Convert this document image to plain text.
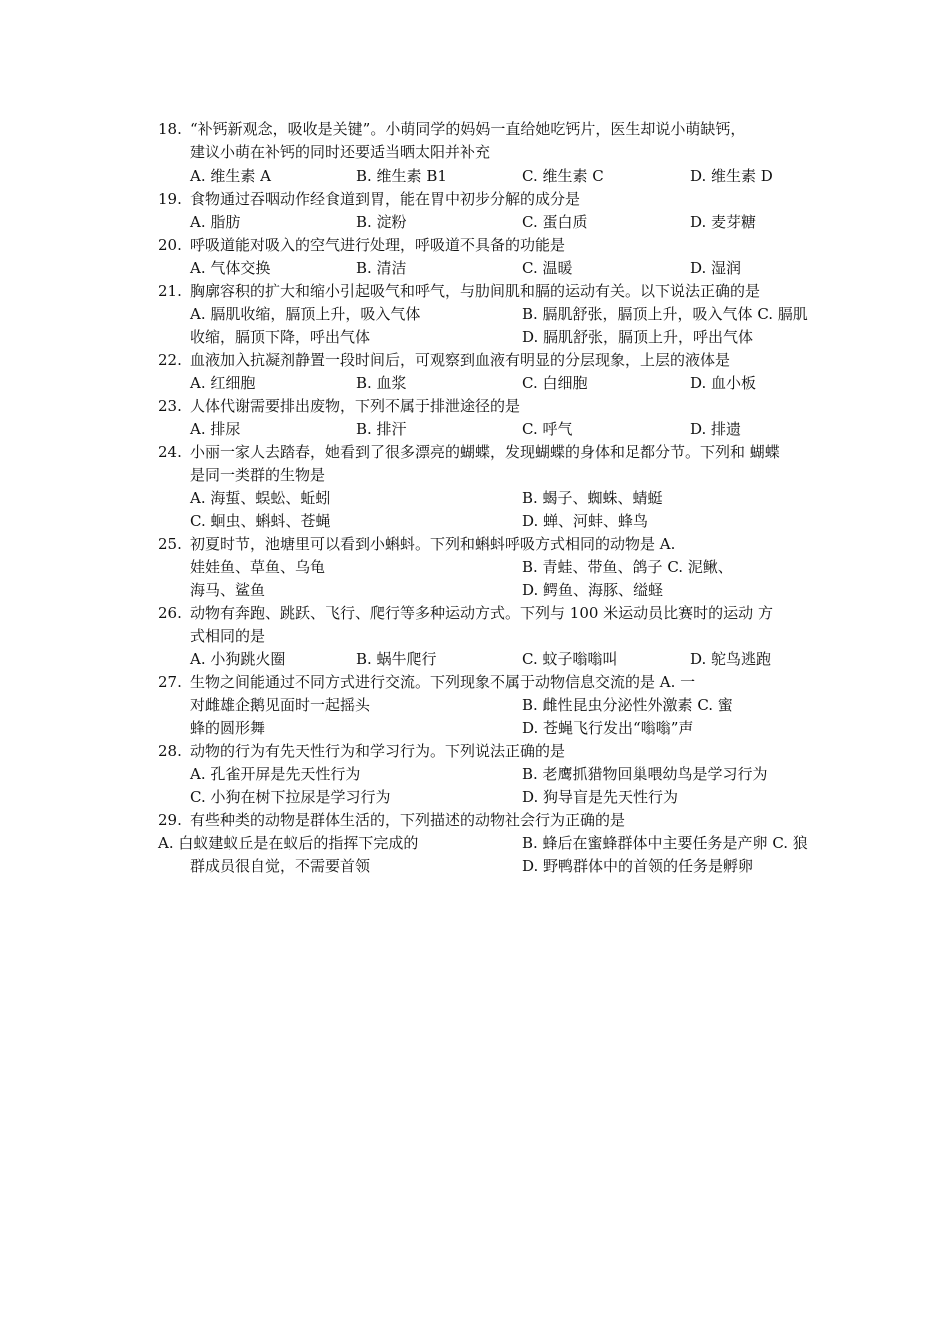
18. “补钙新观念，吸收是关键”。小萌同学的妈妈一直给她吃钙片，医生却说小萌缺钙，
建议小萌在补钙的同时还要适当晒太阳并补充
A. 维生素 A	B. 维生素 B1	C. 维生素 C	D. 维生素 D
19. 食物通过吞咽动作经食道到胃，能在胃中初步分解的成分是
A. 脂肪	B. 淀粉	C. 蛋白质	D. 麦芽糖
20. 呼吸道能对吸入的空气进行处理，呼吸道不具备的功能是
A. 气体交换	B. 清洁	C. 温暖	D. 湿润
21. 胸廓容积的扩大和缩小引起吸气和呼气，与肋间肌和膈的运动有关。以下说法正确的是
A. 膈肌收缩，膈顶上升，吸入气体	B. 膈肌舒张，膈顶上升，吸入气体 C. 膈肌
收缩，膈顶下降，呼出气体	D. 膈肌舒张，膈顶上升，呼出气体
22. 血液加入抗凝剂静置一段时间后，可观察到血液有明显的分层现象，上层的液体是
A. 红细胞	B. 血浆	C. 白细胞	D. 血小板
23. 人体代谢需要排出废物，下列不属于排泄途径的是
A. 排尿	B. 排汗	C. 呼气	D. 排遗
24. 小丽一家人去踏春，她看到了很多漂亮的蝴蝶，发现蝴蝶的身体和足都分节。下列和 蝴蝶
是同一类群的生物是
A. 海蜇、蜈蚣、蚯蚓	B. 蝎子、蜘蛛、蜻蜓
C. 蛔虫、蝌蚪、苍蝇	D. 蝉、河蚌、蜂鸟
25. 初夏时节，池塘里可以看到小蝌蚪。下列和蝌蚪呼吸方式相同的动物是 A.
娃娃鱼、草鱼、乌龟	B. 青蛙、带鱼、鸽子 C. 泥鳅、
海马、鲨鱼	D. 鳄鱼、海豚、缢蛏
26. 动物有奔跑、跳跃、飞行、爬行等多种运动方式。下列与 100 米运动员比赛时的运动 方
式相同的是
A. 小狗跳火圈	B. 蜗牛爬行	C. 蚊子嗡嗡叫	D. 鸵鸟逃跑
27. 生物之间能通过不同方式进行交流。下列现象不属于动物信息交流的是 A. 一
对雌雄企鹅见面时一起摇头	B. 雌性昆虫分泌性外激素 C. 蜜
蜂的圆形舞	D. 苍蝇飞行发出“嗡嗡”声
28. 动物的行为有先天性行为和学习行为。下列说法正确的是
A. 孔雀开屏是先天性行为	B. 老鹰抓猎物回巢喂幼鸟是学习行为
C. 小狗在树下拉尿是学习行为	D. 狗导盲是先天性行为
29. 有些种类的动物是群体生活的，下列描述的动物社会行为正确的是
A. 白蚁建蚁丘是在蚁后的指挥下完成的	B. 蜂后在蜜蜂群体中主要任务是产卵 C. 狼
群成员很自觉，不需要首领	D. 野鸭群体中的首领的任务是孵卵
